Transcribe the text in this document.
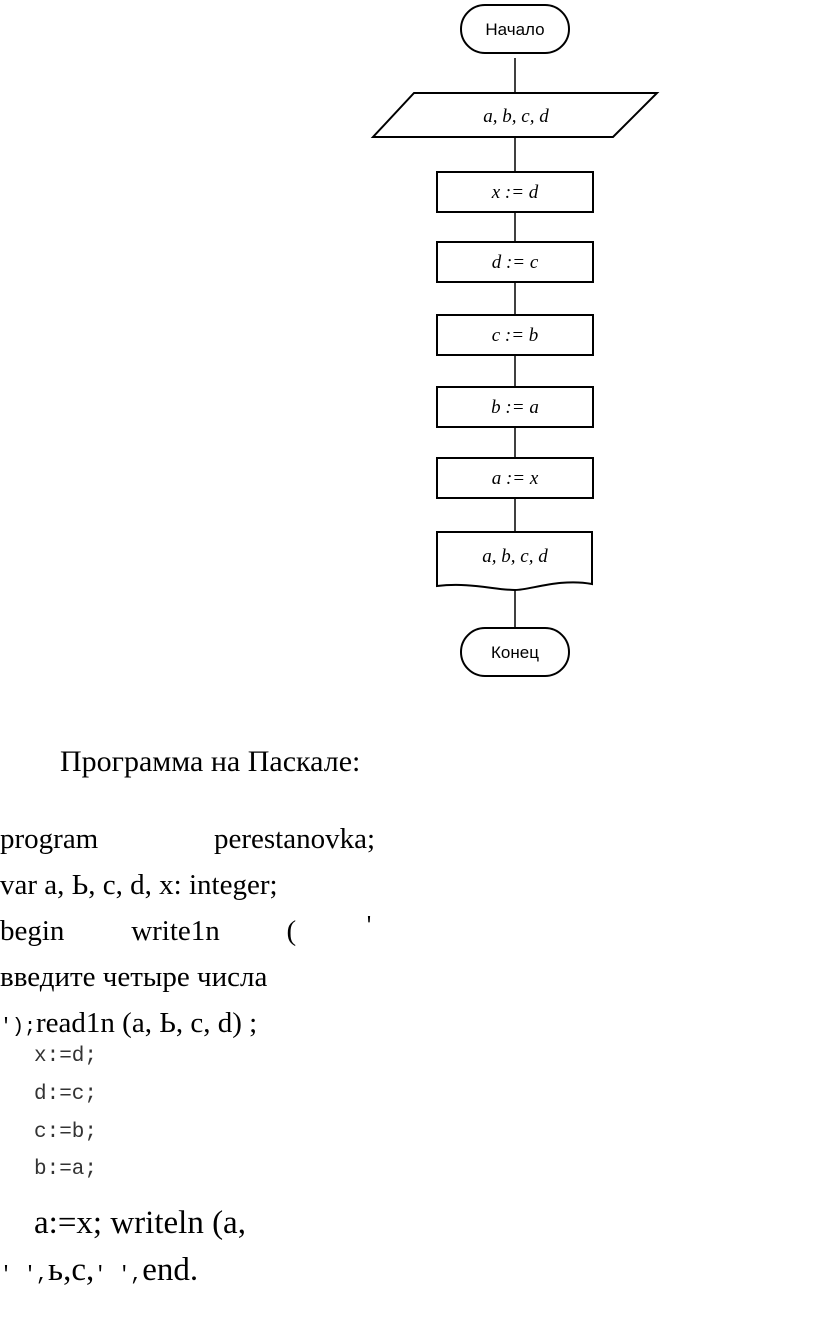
Начало
a, b, c, d
x := d
d := c
c := b
b := a
a := x
a, b, c, d
Конец
Программа на Паскале:
program	perestanovka;
var a, Ь, c, d, x: integer;
begin write1n (	'
введите четыре числа
');read1n (a, Ь, c, d) ;
x:=d;
d:=c;
c:=b;
b:=a;
a:=x; writeln (a,
' ',ь,c,' ',end.
